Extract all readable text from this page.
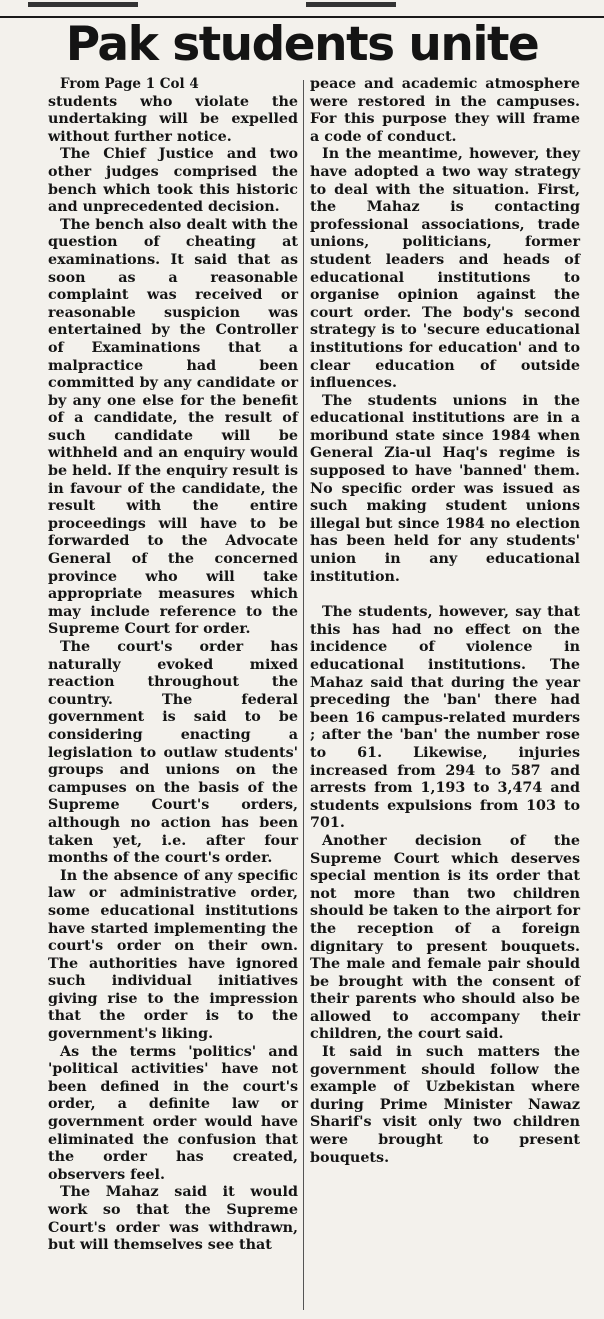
Pak students unite
From Page 1 Col 4

students who violate the undertaking will be expelled without further notice.

The Chief Justice and two other judges comprised the bench which took this historic and unprecedented decision.

The bench also dealt with the question of cheating at examinations. It said that as soon as a reasonable complaint was received or reasonable suspicion was entertained by the Controller of Examinations that a malpractice had been committed by any candidate or by any one else for the benefit of a candidate, the result of such candidate will be withheld and an enquiry would be held. If the enquiry result is in favour of the candidate, the result with the entire proceedings will have to be forwarded to the Advocate General of the concerned province who will take appropriate measures which may include reference to the Supreme Court for order.

The court's order has naturally evoked mixed reaction throughout the country. The federal government is said to be considering enacting a legislation to outlaw students' groups and unions on the campuses on the basis of the Supreme Court's orders, although no action has been taken yet, i.e. after four months of the court's order.

In the absence of any specific law or administrative order, some educational institutions have started implementing the court's order on their own. The authorities have ignored such individual initiatives giving rise to the impression that the order is to the government's liking.

As the terms 'politics' and 'political activities' have not been defined in the court's order, a definite law or government order would have eliminated the confusion that the order has created, observers feel.

The Mahaz said it would work so that the Supreme Court's order was withdrawn, but will themselves see that

peace and academic atmosphere were restored in the campuses. For this purpose they will frame a code of conduct.

In the meantime, however, they have adopted a two way strategy to deal with the situation. First, the Mahaz is contacting professional associations, trade unions, politicians, former student leaders and heads of educational institutions to organise opinion against the court order. The body's second strategy is to 'secure educational institutions for education' and to clear education of outside influences.

The students unions in the educational institutions are in a moribund state since 1984 when General Zia-ul Haq's regime is supposed to have 'banned' them. No specific order was issued as such making student unions illegal but since 1984 no election has been held for any students' union in any educational institution.

The students, however, say that this has had no effect on the incidence of violence in educational institutions. The Mahaz said that during the year preceding the 'ban' there had been 16 campus-related murders ; after the 'ban' the number rose to 61. Likewise, injuries increased from 294 to 587 and arrests from 1,193 to 3,474 and students expulsions from 103 to 701.

Another decision of the Supreme Court which deserves special mention is its order that not more than two children should be taken to the airport for the reception of a foreign dignitary to present bouquets. The male and female pair should be brought with the consent of their parents who should also be allowed to accompany their children, the court said.

It said in such matters the government should follow the example of Uzbekistan where during Prime Minister Nawaz Sharif's visit only two children were brought to present bouquets.
